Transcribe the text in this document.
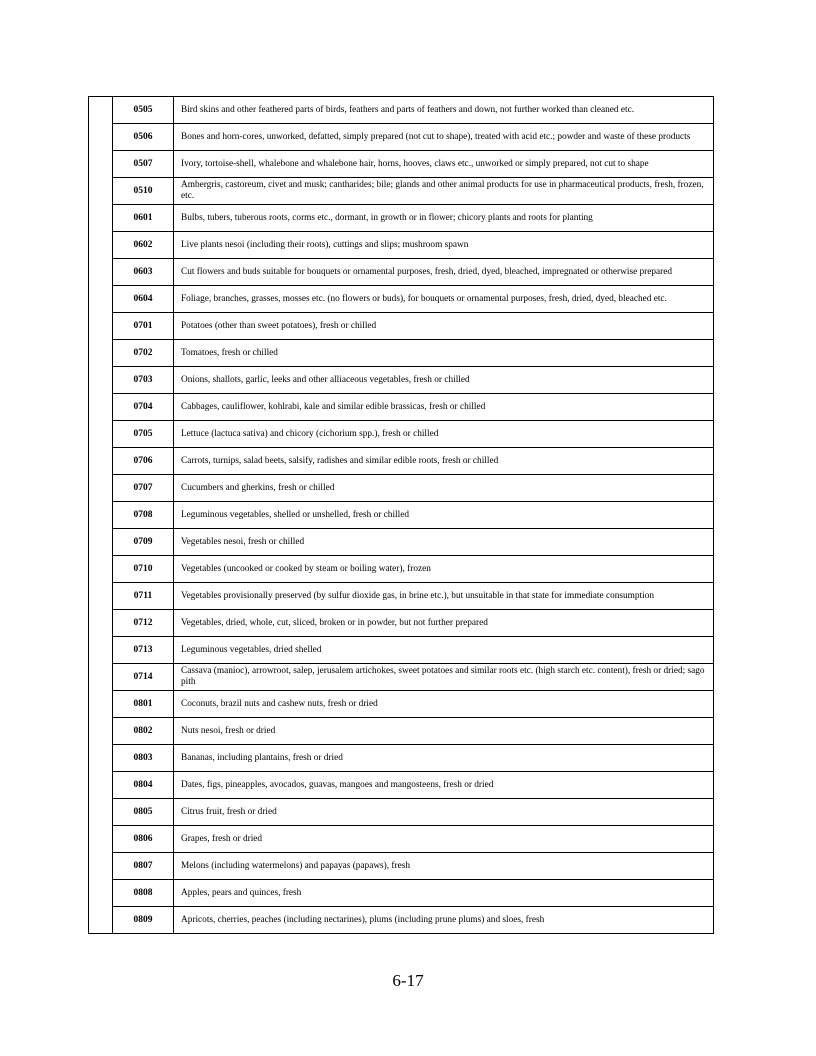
	0505	Bird skins and other feathered parts of birds, feathers and parts of feathers and down, not further worked than cleaned etc.
	0506	Bones and horn-cores, unworked, defatted, simply prepared (not cut to shape), treated with acid etc.; powder and waste of these products
	0507	Ivory, tortoise-shell, whalebone and whalebone hair, horns, hooves, claws etc., unworked or simply prepared, not cut to shape
	0510	Ambergris, castoreum, civet and musk; cantharides; bile; glands and other animal products for use in pharmaceutical products, fresh, frozen, etc.
	0601	Bulbs, tubers, tuberous roots, corms etc., dormant, in growth or in flower; chicory plants and roots for planting
	0602	Live plants nesoi (including their roots), cuttings and slips; mushroom spawn
	0603	Cut flowers and buds suitable for bouquets or ornamental purposes, fresh, dried, dyed, bleached, impregnated or otherwise prepared
	0604	Foliage, branches, grasses, mosses etc. (no flowers or buds), for bouquets or ornamental purposes, fresh, dried, dyed, bleached etc.
	0701	Potatoes (other than sweet potatoes), fresh or chilled
	0702	Tomatoes, fresh or chilled
	0703	Onions, shallots, garlic, leeks and other alliaceous vegetables, fresh or chilled
	0704	Cabbages, cauliflower, kohlrabi, kale and similar edible brassicas, fresh or chilled
	0705	Lettuce (lactuca sativa) and chicory (cichorium spp.), fresh or chilled
	0706	Carrots, turnips, salad beets, salsify, radishes and similar edible roots, fresh or chilled
	0707	Cucumbers and gherkins, fresh or chilled
	0708	Leguminous vegetables, shelled or unshelled, fresh or chilled
	0709	Vegetables nesoi, fresh or chilled
	0710	Vegetables (uncooked or cooked by steam or boiling water), frozen
	0711	Vegetables provisionally preserved (by sulfur dioxide gas, in brine etc.), but unsuitable in that state for immediate consumption
	0712	Vegetables, dried, whole, cut, sliced, broken or in powder, but not further prepared
	0713	Leguminous vegetables, dried shelled
	0714	Cassava (manioc), arrowroot, salep, jerusalem artichokes, sweet potatoes and similar roots etc. (high starch etc. content), fresh or dried; sago pith
	0801	Coconuts, brazil nuts and cashew nuts, fresh or dried
	0802	Nuts nesoi, fresh or dried
	0803	Bananas, including plantains, fresh or dried
	0804	Dates, figs, pineapples, avocados, guavas, mangoes and mangosteens, fresh or dried
	0805	Citrus fruit, fresh or dried
	0806	Grapes, fresh or dried
	0807	Melons (including watermelons) and papayas (papaws), fresh
	0808	Apples, pears and quinces, fresh
	0809	Apricots, cherries, peaches (including nectarines), plums (including prune plums) and sloes, fresh
6-17
